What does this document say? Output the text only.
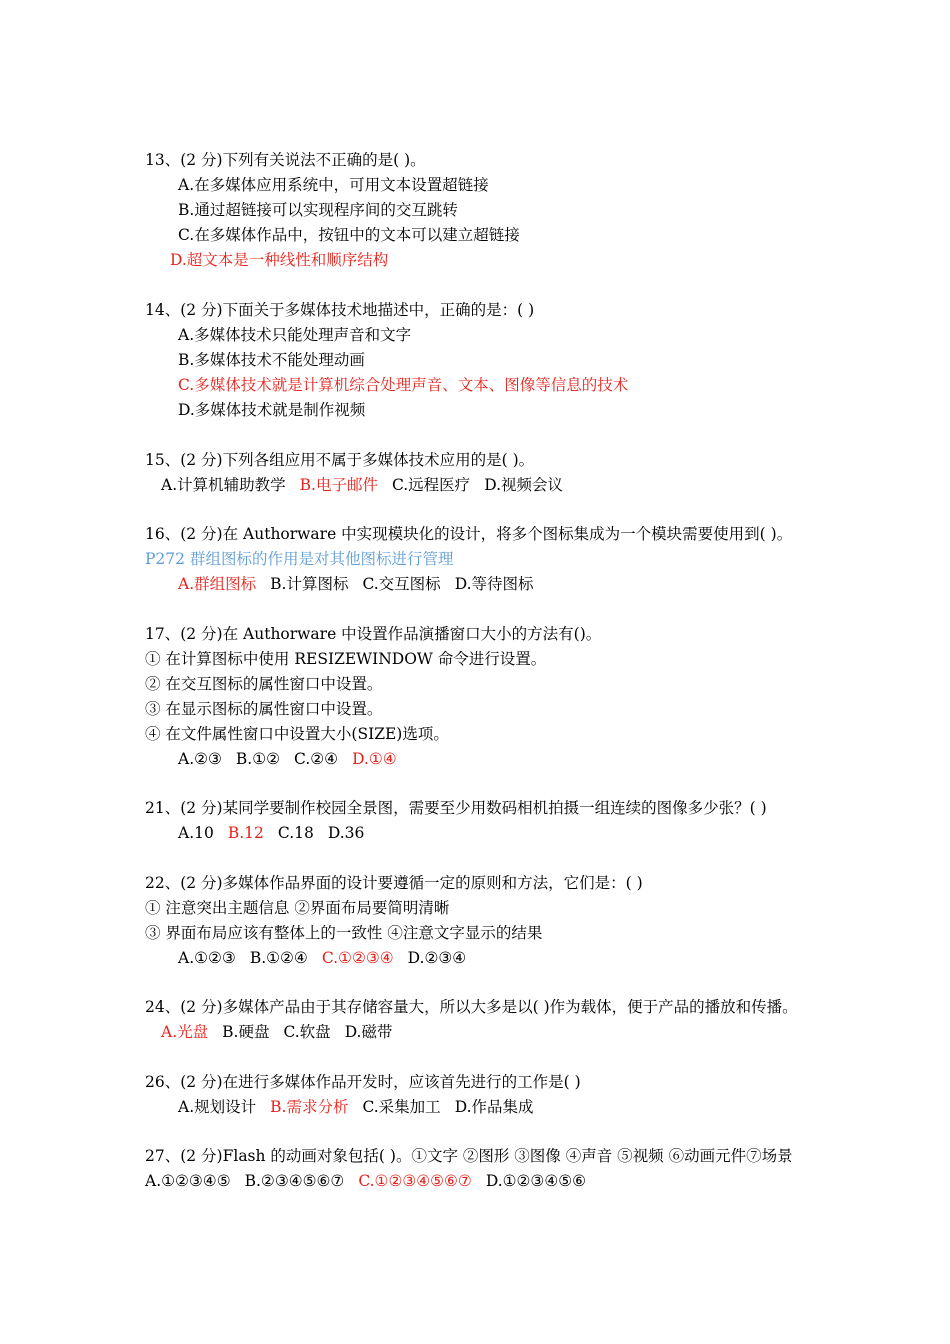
13、(2 分)下列有关说法不正确的是( )。
A.在多媒体应用系统中，可用文本设置超链接
B.通过超链接可以实现程序间的交互跳转
C.在多媒体作品中，按钮中的文本可以建立超链接
D.超文本是一种线性和顺序结构
14、(2 分)下面关于多媒体技术地描述中，正确的是：( )
A.多媒体技术只能处理声音和文字
B.多媒体技术不能处理动画
C.多媒体技术就是计算机综合处理声音、文本、图像等信息的技术
D.多媒体技术就是制作视频
15、(2 分)下列各组应用不属于多媒体技术应用的是( )。
A.计算机辅助教学 B.电子邮件 C.远程医疗 D.视频会议
16、(2 分)在 Authorware 中实现模块化的设计，将多个图标集成为一个模块需要使用到( )。
P272 群组图标的作用是对其他图标进行管理
A.群组图标 B.计算图标 C.交互图标 D.等待图标
17、(2 分)在 Authorware 中设置作品演播窗口大小的方法有()。
① 在计算图标中使用 RESIZEWINDOW 命令进行设置。
② 在交互图标的属性窗口中设置。
③ 在显示图标的属性窗口中设置。
④ 在文件属性窗口中设置大小(SIZE)选项。
A.②③ B.①② C.②④ D.①④
21、(2 分)某同学要制作校园全景图，需要至少用数码相机拍摄一组连续的图像多少张？( )
A.10 B.12 C.18 D.36
22、(2 分)多媒体作品界面的设计要遵循一定的原则和方法，它们是：( )
① 注意突出主题信息 ②界面布局要简明清晰
③ 界面布局应该有整体上的一致性 ④注意文字显示的结果
A.①②③ B.①②④ C.①②③④ D.②③④
24、(2 分)多媒体产品由于其存储容量大，所以大多是以( )作为载体，便于产品的播放和传播。
A.光盘 B.硬盘 C.软盘 D.磁带
26、(2 分)在进行多媒体作品开发时，应该首先进行的工作是( )
A.规划设计 B.需求分析 C.采集加工 D.作品集成
27、(2 分)Flash 的动画对象包括( )。①文字 ②图形 ③图像 ④声音 ⑤视频 ⑥动画元件⑦场景
A.①②③④⑤ B.②③④⑤⑥⑦ C.①②③④⑤⑥⑦ D.①②③④⑤⑥
